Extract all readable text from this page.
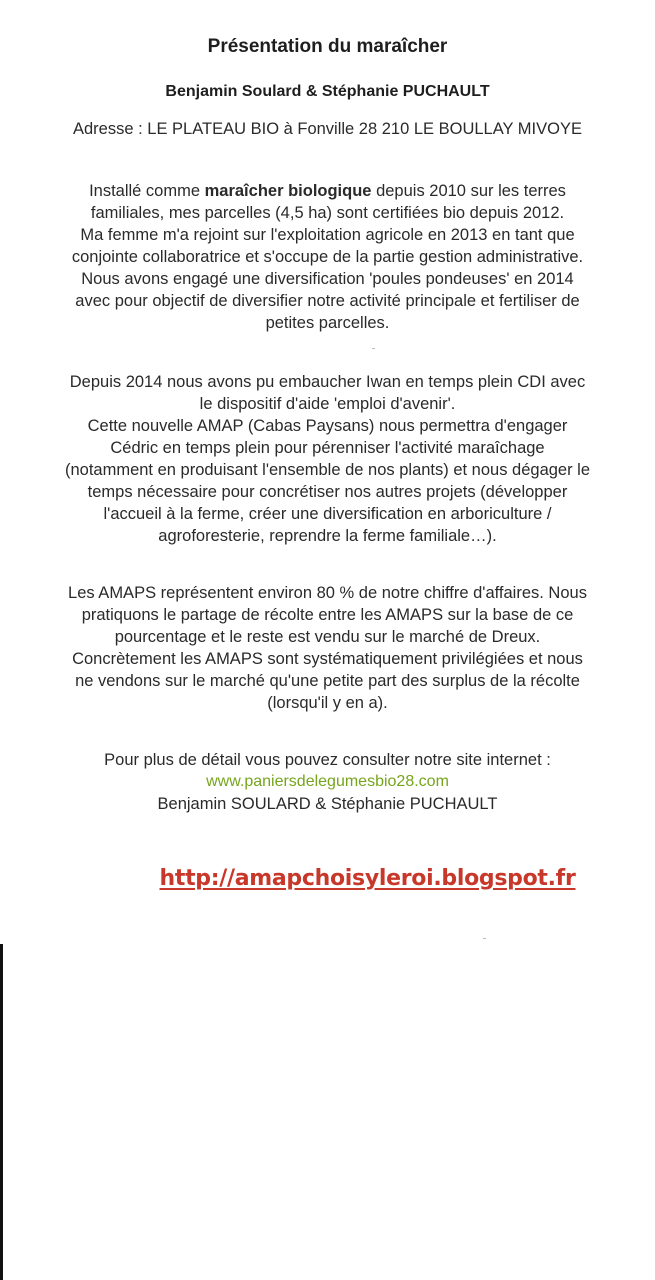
Présentation du maraîcher
Benjamin Soulard & Stéphanie PUCHAULT
Adresse : LE PLATEAU BIO à Fonville 28 210 LE BOULLAY MIVOYE
Installé comme maraîcher biologique depuis 2010 sur les terres
familiales, mes parcelles (4,5 ha) sont certifiées bio depuis 2012.
Ma femme m'a rejoint sur l'exploitation agricole en 2013 en tant que
conjointe collaboratrice et s'occupe de la partie gestion administrative.
Nous avons engagé une diversification 'poules pondeuses' en 2014
avec pour objectif de diversifier notre activité principale et fertiliser de
petites parcelles.
Depuis 2014 nous avons pu embaucher Iwan en temps plein CDI avec
le dispositif d'aide 'emploi d'avenir'.
Cette nouvelle AMAP (Cabas Paysans) nous permettra d'engager
Cédric en temps plein pour pérenniser l'activité maraîchage
(notamment en produisant l'ensemble de nos plants) et nous dégager le
temps nécessaire pour concrétiser nos autres projets (développer
l'accueil à la ferme, créer une diversification en arboriculture /
agroforesterie, reprendre la ferme familiale…).
Les AMAPS représentent environ 80 % de notre chiffre d'affaires. Nous
pratiquons le partage de récolte entre les AMAPS sur la base de ce
pourcentage et le reste est vendu sur le marché de Dreux.
Concrètement les AMAPS sont systématiquement privilégiées et nous
ne vendons sur le marché qu'une petite part des surplus de la récolte
(lorsqu'il y en a).
Pour plus de détail vous pouvez consulter notre site internet :
www.paniersdelegumesbio28.com
Benjamin SOULARD & Stéphanie PUCHAULT
http://amapchoisyleroi.blogspot.fr
